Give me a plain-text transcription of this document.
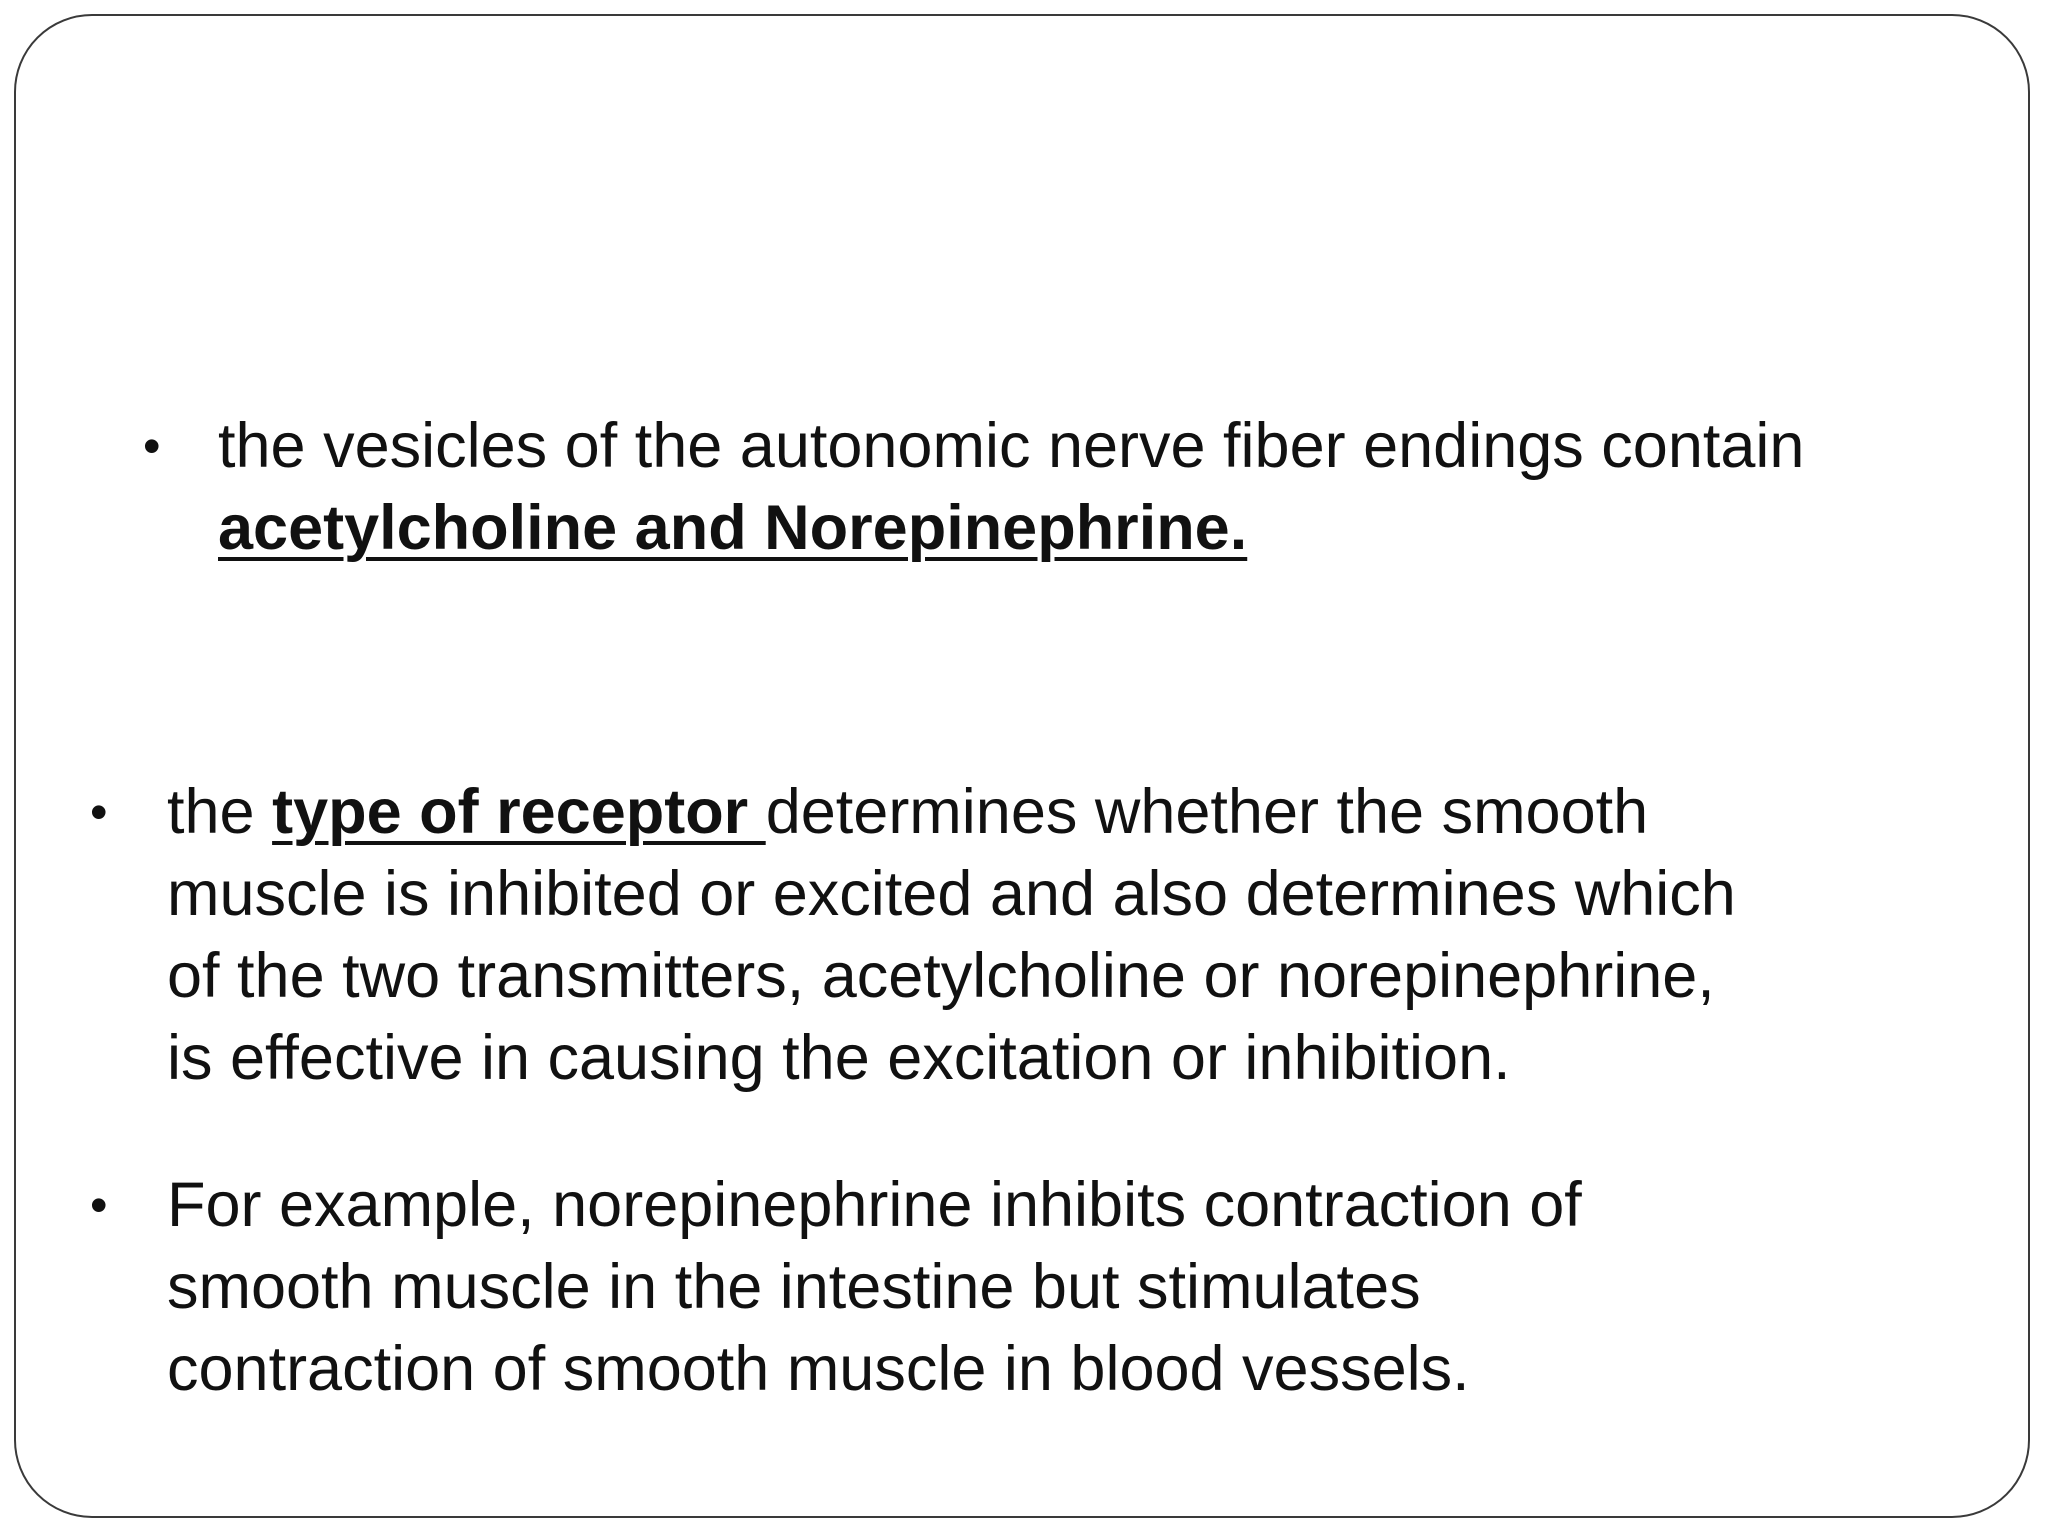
• the vesicles of the autonomic nerve fiber endings contain
acetylcholine and Norepinephrine.
• the type of receptor determines whether the smooth
muscle is inhibited or excited and also determines which
of the two transmitters, acetylcholine or norepinephrine,
is effective in causing the excitation or inhibition.
• For example, norepinephrine inhibits contraction of
smooth muscle in the intestine but stimulates
contraction of smooth muscle in blood vessels.
